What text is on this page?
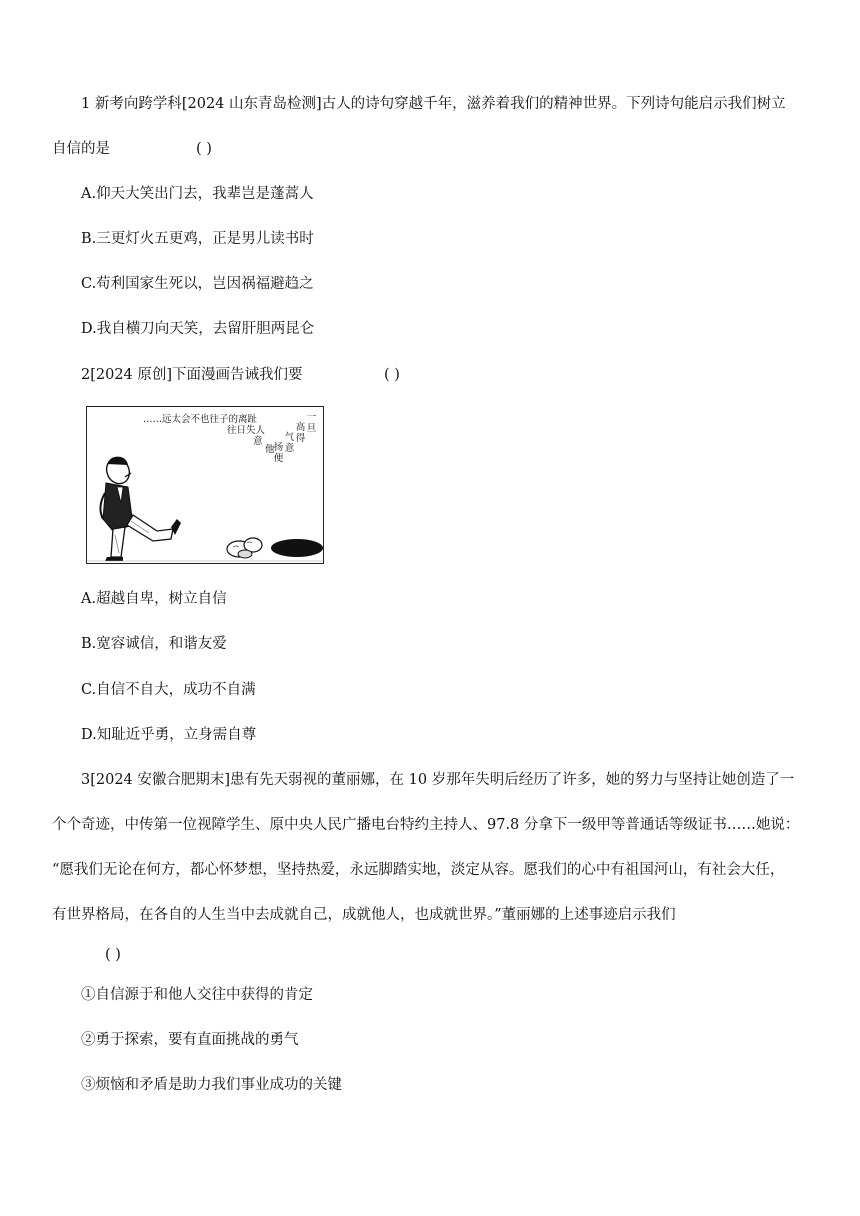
1 新考向跨学科[2024 山东青岛检测]古人的诗句穿越千年，滋养着我们的精神世界。下列诗句能启示我们树立
自信的是	( )
A.仰天大笑出门去，我辈岂是蓬蒿人
B.三更灯火五更鸡，正是男儿读书时
C.苟利国家生死以，岂因祸福避趋之
D.我自横刀向天笑，去留肝胆两昆仑
2[2024 原创]下面漫画告诫我们要	( )
……远太会不也往子的离趾
往日失人
意
他
一旦
高得
气意
扬便
A.超越自卑，树立自信
B.宽容诚信，和谐友爱
C.自信不自大，成功不自满
D.知耻近乎勇，立身需自尊
3[2024 安徽合肥期末]患有先天弱视的董丽娜，在 10 岁那年失明后经历了许多，她的努力与坚持让她创造了一
个个奇迹，中传第一位视障学生、原中央人民广播电台特约主持人、97.8 分拿下一级甲等普通话等级证书……她说：
“愿我们无论在何方，都心怀梦想，坚持热爱，永远脚踏实地，淡定从容。愿我们的心中有祖国河山，有社会大任，
有世界格局，在各自的人生当中去成就自己，成就他人，也成就世界。”董丽娜的上述事迹启示我们
( )
①自信源于和他人交往中获得的肯定
②勇于探索，要有直面挑战的勇气
③烦恼和矛盾是助力我们事业成功的关键
